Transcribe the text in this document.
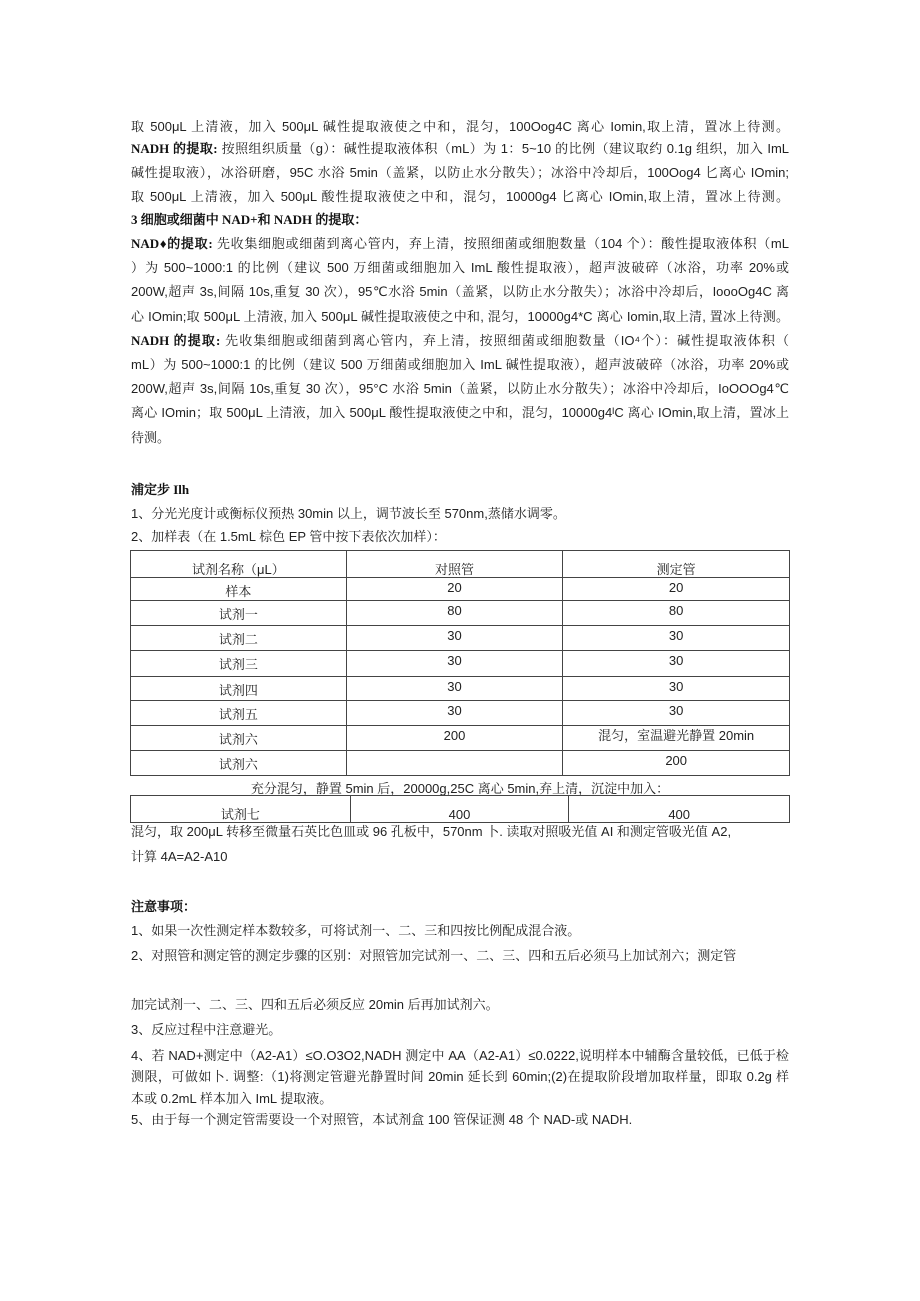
试剂名称（μL）	对照管	测定管
样本	20	20
试剂一	80	80
试剂二	30	30
试剂三	30	30
试剂四	30	30
试剂五	30	30
试剂六	200	混匀，室温避光静置 20min
试剂六		200
充分混匀，静置 5min 后，20000g,25C 离心 5min,弃上清，沉淀中加入：
试剂七	400	400
取 500μL 上清液，加入 500μL 碱性提取液使之中和，混匀，100Oog4C 离心 Iomin,取上清，置冰上待测。
NADH 的提取: 按照组织质量（g）：碱性提取液体积（mL）为 1：5~10 的比例（建议取约 0.1g 组织，加入 ImL
碱性提取液），冰浴研磨，95C 水浴 5min（盖紧，以防止水分散失）；冰浴中冷却后，100Oog4 匕离心 IOmin;
取 500μL 上清液，加入 500μL 酸性提取液使之中和，混匀，10000g4 匕离心 IOmin,取上清，置冰上待测。
3 细胞或细菌中 NAD+和 NADH 的提取：
NAD♦的提取: 先收集细胞或细菌到离心管内，弃上清，按照细菌或细胞数量（104 个）：酸性提取液体积（mL
）为 500~1000:1 的比例（建议 500 万细菌或细胞加入 ImL 酸性提取液），超声波破碎（冰浴，功率 20%或
200W,超声 3s,间隔 10s,重复 30 次），95℃水浴 5min（盖紧，以防止水分散失）；冰浴中冷却后，IoooOg4C 离
心 IOmin;取 500μL 上清液, 加入 500μL 碱性提取液使之中和, 混匀，10000g4*C 离心 Iomin,取上清, 置冰上待测。
NADH 的提取: 先收集细胞或细菌到离心管内，弃上清，按照细菌或细胞数量（IO⁴个）：碱性提取液体积（
mL）为 500~1000:1 的比例（建议 500 万细菌或细胞加入 ImL 碱性提取液），超声波破碎（冰浴，功率 20%或
200W,超声 3s,间隔 10s,重复 30 次），95°C 水浴 5min（盖紧，以防止水分散失）；冰浴中冷却后，IoOOOg4℃
离心 IOmin；取 500μL 上清液，加入 500μL 酸性提取液使之中和，混匀，10000g4ᴵC 离心 IOmin,取上清，置冰上
待测。
浦定步 Ilh
1、分光光度计或衡标仪预热 30min 以上，调节波长至 570nm,蒸储水调零。
2、加样表（在 1.5mL 棕色 EP 管中按下表依次加样）：
混匀，取 200μL 转移至微量石英比色皿或 96 孔板中，570nm 卜. 读取对照吸光值 AI 和测定管吸光值 A2,
计算 4A=A2-A10
注意事项：
1、如果一次性测定样本数较多，可将试剂一、二、三和四按比例配成混合液。
2、对照管和测定管的测定步骤的区别：对照管加完试剂一、二、三、四和五后必须马上加试剂六；测定管
加完试剂一、二、三、四和五后必须反应 20min 后再加试剂六。
3、反应过程中注意避光。
4、若 NAD+测定中（A2-A1）≤O.O3O2,NADH 测定中 AA（A2-A1）≤0.0222,说明样本中辅酶含量较低，已低于检
测限，可做如卜. 调整:（1)将测定管避光静置时间 20min 延长到 60min;(2)在提取阶段增加取样量，即取 0.2g 样
本或 0.2mL 样本加入 ImL 提取液。
5、由于每一个测定管需要设一个对照管，本试剂盒 100 管保证测 48 个 NAD-或 NADH.
